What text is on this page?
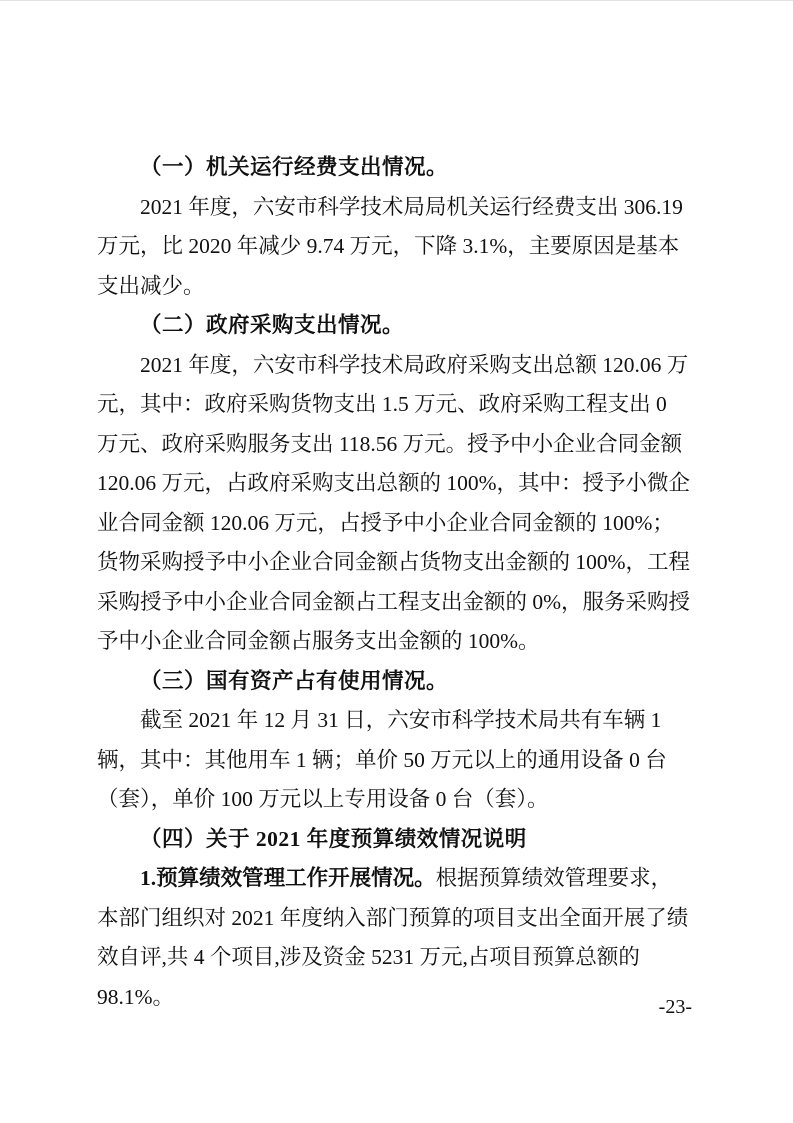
（一）机关运行经费支出情况。

2021 年度，六安市科学技术局局机关运行经费支出 306.19 万元，比 2020 年减少 9.74 万元，下降 3.1%，主要原因是基本支出减少。

（二）政府采购支出情况。

2021 年度，六安市科学技术局政府采购支出总额 120.06 万元，其中：政府采购货物支出 1.5 万元、政府采购工程支出 0 万元、政府采购服务支出 118.56 万元。授予中小企业合同金额 120.06 万元，占政府采购支出总额的 100%，其中：授予小微企业合同金额 120.06 万元，占授予中小企业合同金额的 100%；货物采购授予中小企业合同金额占货物支出金额的 100%，工程采购授予中小企业合同金额占工程支出金额的 0%，服务采购授予中小企业合同金额占服务支出金额的 100%。

（三）国有资产占有使用情况。

截至 2021 年 12 月 31 日，六安市科学技术局共有车辆 1 辆，其中：其他用车 1 辆；单价 50 万元以上的通用设备 0 台（套），单价 100 万元以上专用设备 0 台（套）。

（四）关于 2021 年度预算绩效情况说明

1.预算绩效管理工作开展情况。根据预算绩效管理要求，本部门组织对 2021 年度纳入部门预算的项目支出全面开展了绩效自评,共 4 个项目,涉及资金 5231 万元,占项目预算总额的 98.1%。	-23-
